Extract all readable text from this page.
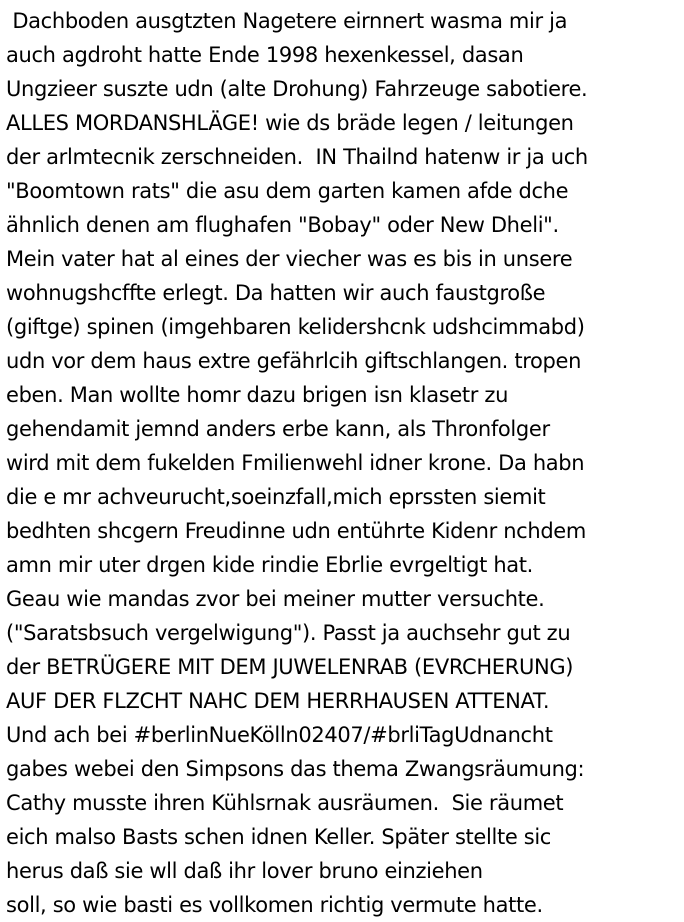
Dachboden ausgtzten Nagetere eirnnert wasma mir ja
auch agdroht hatte Ende 1998 hexenkessel, dasan
Ungzieer suszte udn (alte Drohung) Fahrzeuge sabotiere.
ALLES MORDANSHLÄGE! wie ds bräde legen / leitungen
der arlmtecnik zerschneiden.  IN Thailnd hatenw ir ja uch
"Boomtown rats" die asu dem garten kamen afde dche
ähnlich denen am flughafen "Bobay" oder New Dheli".
Mein vater hat al eines der viecher was es bis in unsere
wohnugshcffte erlegt. Da hatten wir auch faustgroße
(giftge) spinen (imgehbaren kelidershcnk udshcimmabd)
udn vor dem haus extre gefährlcih giftschlangen. tropen
eben. Man wollte homr dazu brigen isn klasetr zu
gehendamit jemnd anders erbe kann, als Thronfolger
wird mit dem fukelden Fmilienwehl idner krone. Da habn
die e mr achveurucht,soeinzfall,mich eprssten siemit
bedhten shcgern Freudinne udn entührte Kidenr nchdem
amn mir uter drgen kide rindie Ebrlie evrgeltigt hat.
Geau wie mandas zvor bei meiner mutter versuchte.
("Saratsbsuch vergelwigung"). Passt ja auchsehr gut zu
der BETRÜGERE MIT DEM JUWELENRAB (EVRCHERUNG)
AUF DER FLZCHT NAHC DEM HERRHAUSEN ATTENAT.
Und ach bei #berlinNueKölln02407/#brliTagUdnancht
gabes webei den Simpsons das thema Zwangsräumung:
Cathy musste ihren Kühlsrnak ausräumen.  Sie räumet
eich malso Basts schen idnen Keller. Später stellte sic
herus daß sie wll daß ihr lover bruno einziehen
soll, so wie basti es vollkomen richtig vermute hatte.
